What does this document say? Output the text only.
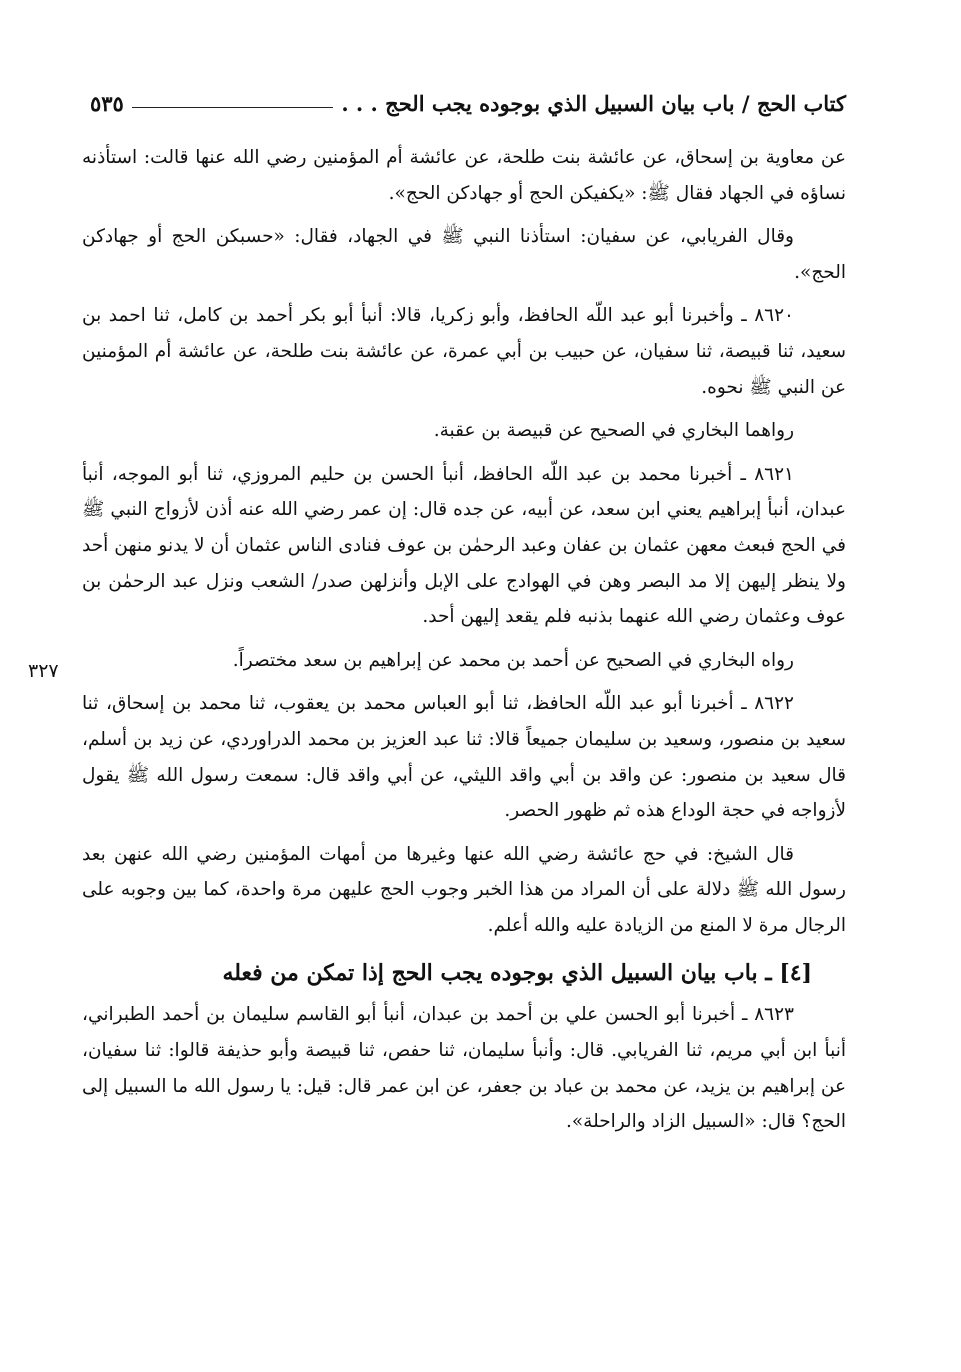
كتاب الحج / باب بيان السبيل الذي بوجوده يجب الحج . . .
٥٣٥
٣٢٧

عن معاوية بن إسحاق، عن عائشة بنت طلحة، عن عائشة أم المؤمنين رضي الله عنها قالت: استأذنه نساؤه في الجهاد فقال ﷺ: «يكفيكن الحج أو جهادكن الحج».

وقال الفريابي، عن سفيان: استأذنا النبي ﷺ في الجهاد، فقال: «حسبكن الحج أو جهادكن الحج».

٨٦٢٠ ـ وأخبرنا أبو عبد اللّه الحافظ، وأبو زكريا، قالا: أنبأ أبو بكر أحمد بن كامل، ثنا احمد بن سعيد، ثنا قبيصة، ثنا سفيان، عن حبيب بن أبي عمرة، عن عائشة بنت طلحة، عن عائشة أم المؤمنين عن النبي ﷺ نحوه.

رواهما البخاري في الصحيح عن قبيصة بن عقبة.

٨٦٢١ ـ أخبرنا محمد بن عبد اللّه الحافظ، أنبأ الحسن بن حليم المروزي، ثنا أبو الموجه، أنبأ عبدان، أنبأ إبراهيم يعني ابن سعد، عن أبيه، عن جده قال: إن عمر رضي الله عنه أذن لأزواج النبي ﷺ في الحج فبعث معهن عثمان بن عفان وعبد الرحمٰن بن عوف فنادى الناس عثمان أن لا يدنو منهن أحد ولا ينظر إليهن إلا مد البصر وهن في الهوادج على الإبل وأنزلهن صدر/ الشعب ونزل عبد الرحمٰن بن عوف وعثمان رضي الله عنهما بذنبه فلم يقعد إليهن أحد.

رواه البخاري في الصحيح عن أحمد بن محمد عن إبراهيم بن سعد مختصراً.

٨٦٢٢ ـ أخبرنا أبو عبد اللّه الحافظ، ثنا أبو العباس محمد بن يعقوب، ثنا محمد بن إسحاق، ثنا سعيد بن منصور، وسعيد بن سليمان جميعاً قالا: ثنا عبد العزيز بن محمد الدراوردي، عن زيد بن أسلم، قال سعيد بن منصور: عن واقد بن أبي واقد الليثي، عن أبي واقد قال: سمعت رسول الله ﷺ يقول لأزواجه في حجة الوداع هذه ثم ظهور الحصر.

قال الشيخ: في حج عائشة رضي الله عنها وغيرها من أمهات المؤمنين رضي الله عنهن بعد رسول الله ﷺ دلالة على أن المراد من هذا الخبر وجوب الحج عليهن مرة واحدة، كما بين وجوبه على الرجال مرة لا المنع من الزيادة عليه والله أعلم.

[٤] ـ باب بيان السبيل الذي بوجوده يجب الحج إذا تمكن من فعله

٨٦٢٣ ـ أخبرنا أبو الحسن علي بن أحمد بن عبدان، أنبأ أبو القاسم سليمان بن أحمد الطبراني، أنبأ ابن أبي مريم، ثنا الفريابي. قال: وأنبأ سليمان، ثنا حفص، ثنا قبيصة وأبو حذيفة قالوا: ثنا سفيان، عن إبراهيم بن يزيد، عن محمد بن عباد بن جعفر، عن ابن عمر قال: قيل: يا رسول الله ما السبيل إلى الحج؟ قال: «السبيل الزاد والراحلة».
